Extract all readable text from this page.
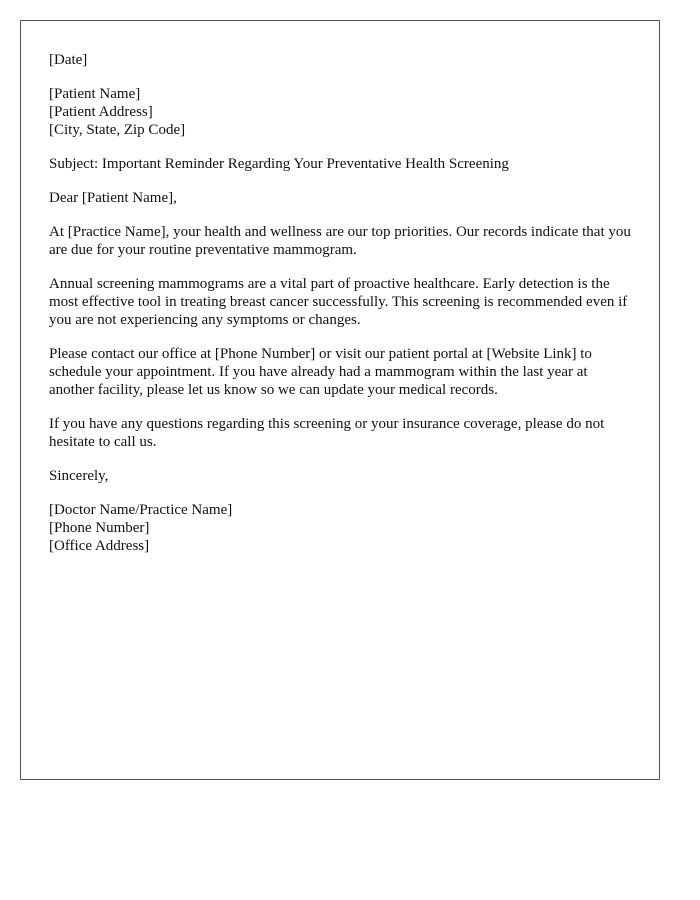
[Date]
[Patient Name]
[Patient Address]
[City, State, Zip Code]

Subject: Important Reminder Regarding Your Preventative Health Screening

Dear [Patient Name],

At [Practice Name], your health and wellness are our top priorities. Our records indicate that you are due for your routine preventative mammogram.

Annual screening mammograms are a vital part of proactive healthcare. Early detection is the most effective tool in treating breast cancer successfully. This screening is recommended even if you are not experiencing any symptoms or changes.

Please contact our office at [Phone Number] or visit our patient portal at [Website Link] to schedule your appointment. If you have already had a mammogram within the last year at another facility, please let us know so we can update your medical records.

If you have any questions regarding this screening or your insurance coverage, please do not hesitate to call us.

Sincerely,

[Doctor Name/Practice Name]
[Phone Number]
[Office Address]
